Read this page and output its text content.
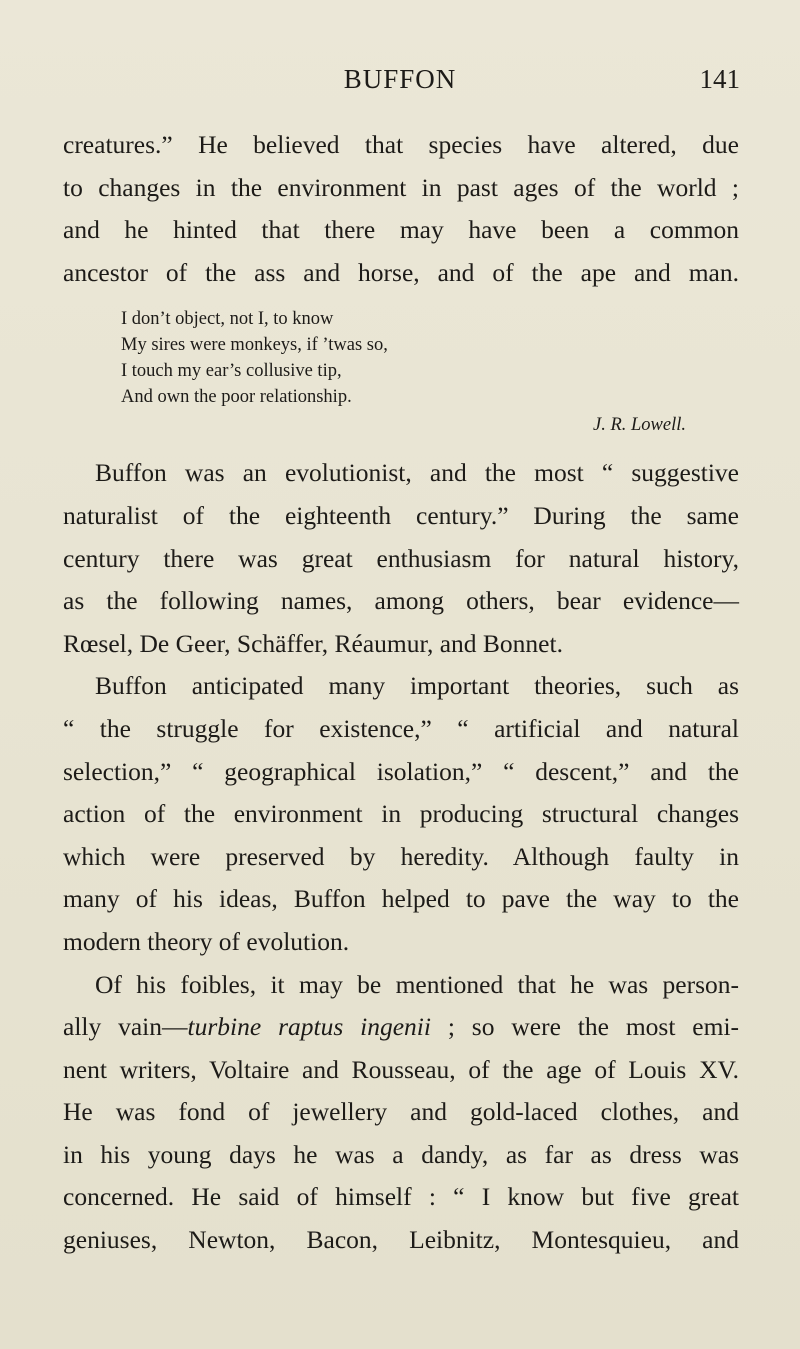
BUFFON	141
creatures.” He believed that species have altered, due
to changes in the environment in past ages of the world ;
and he hinted that there may have been a common
ancestor of the ass and horse, and of the ape and man.
I don’t object, not I, to know
My sires were monkeys, if ’twas so,
I touch my ear’s collusive tip,
And own the poor relationship.
J. R. Lowell.
Buffon was an evolutionist, and the most “ suggestive
naturalist of the eighteenth century.” During the same
century there was great enthusiasm for natural history,
as the following names, among others, bear evidence—
Rœsel, De Geer, Schäffer, Réaumur, and Bonnet.
Buffon anticipated many important theories, such as
“ the struggle for existence,” “ artificial and natural
selection,” “ geographical isolation,” “ descent,” and the
action of the environment in producing structural changes
which were preserved by heredity. Although faulty in
many of his ideas, Buffon helped to pave the way to the
modern theory of evolution.
Of his foibles, it may be mentioned that he was person-
ally vain—turbine raptus ingenii ; so were the most emi-
nent writers, Voltaire and Rousseau, of the age of Louis XV.
He was fond of jewellery and gold-laced clothes, and
in his young days he was a dandy, as far as dress was
concerned. He said of himself : “ I know but five great
geniuses, Newton, Bacon, Leibnitz, Montesquieu, and
